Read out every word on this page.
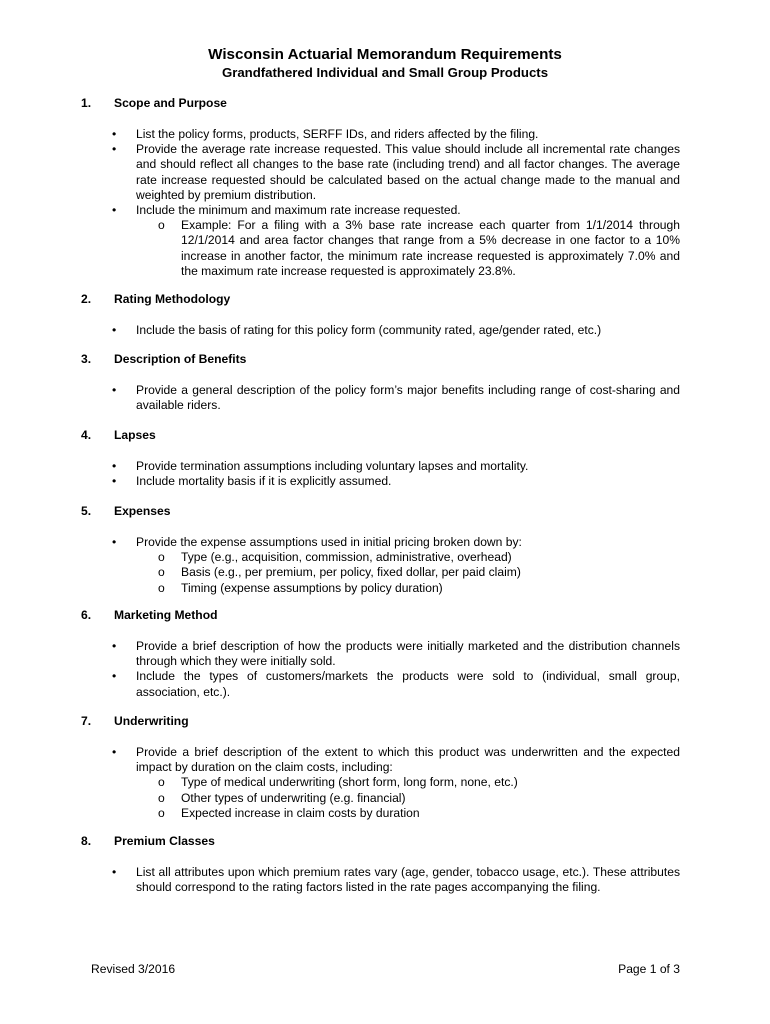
Wisconsin Actuarial Memorandum Requirements
Grandfathered Individual and Small Group Products
1. Scope and Purpose
• List the policy forms, products, SERFF IDs, and riders affected by the filing.
• Provide the average rate increase requested. This value should include all incremental rate changes and should reflect all changes to the base rate (including trend) and all factor changes. The average rate increase requested should be calculated based on the actual change made to the manual and weighted by premium distribution.
• Include the minimum and maximum rate increase requested.
o Example: For a filing with a 3% base rate increase each quarter from 1/1/2014 through 12/1/2014 and area factor changes that range from a 5% decrease in one factor to a 10% increase in another factor, the minimum rate increase requested is approximately 7.0% and the maximum rate increase requested is approximately 23.8%.
2. Rating Methodology
• Include the basis of rating for this policy form (community rated, age/gender rated, etc.)
3. Description of Benefits
• Provide a general description of the policy form’s major benefits including range of cost-sharing and available riders.
4. Lapses
• Provide termination assumptions including voluntary lapses and mortality.
• Include mortality basis if it is explicitly assumed.
5. Expenses
• Provide the expense assumptions used in initial pricing broken down by:
o Type (e.g., acquisition, commission, administrative, overhead)
o Basis (e.g., per premium, per policy, fixed dollar, per paid claim)
o Timing (expense assumptions by policy duration)
6. Marketing Method
• Provide a brief description of how the products were initially marketed and the distribution channels through which they were initially sold.
• Include the types of customers/markets the products were sold to (individual, small group, association, etc.).
7. Underwriting
• Provide a brief description of the extent to which this product was underwritten and the expected impact by duration on the claim costs, including:
o Type of medical underwriting (short form, long form, none, etc.)
o Other types of underwriting (e.g. financial)
o Expected increase in claim costs by duration
8. Premium Classes
• List all attributes upon which premium rates vary (age, gender, tobacco usage, etc.). These attributes should correspond to the rating factors listed in the rate pages accompanying the filing.
Revised 3/2016	Page 1 of 3
